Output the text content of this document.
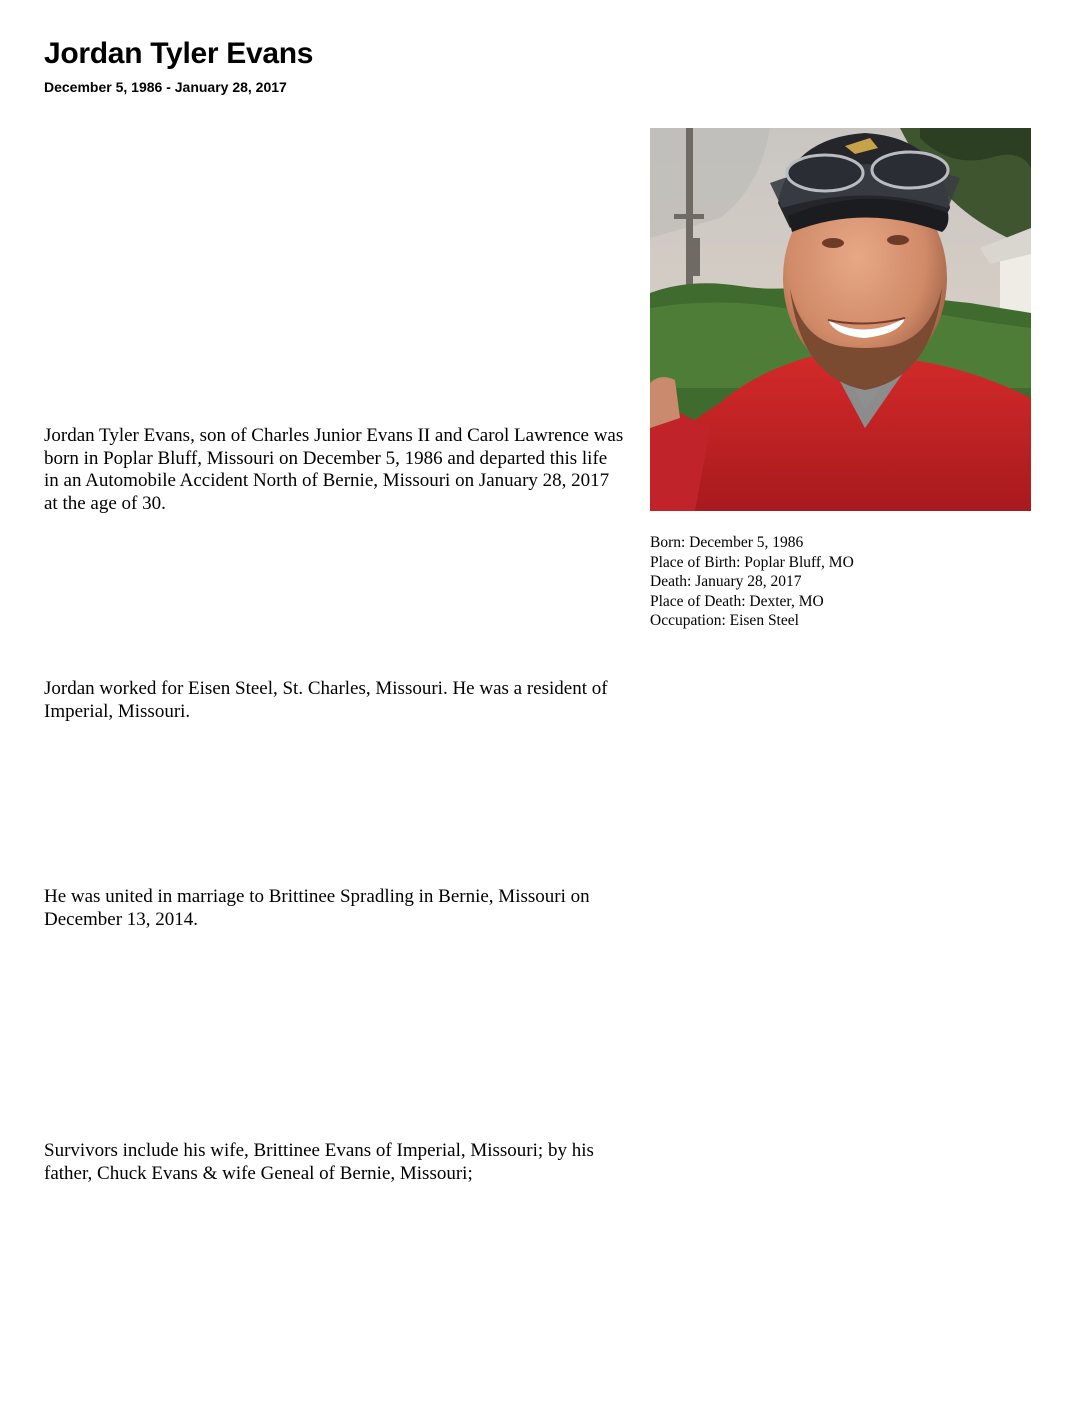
Jordan Tyler Evans

December 5, 1986 - January 28, 2017

Jordan Tyler Evans, son of Charles Junior Evans II and Carol Lawrence was born in Poplar Bluff, Missouri on December 5, 1986 and departed this life in an Automobile Accident North of Bernie, Missouri on January 28, 2017 at the age of 30.

Jordan worked for Eisen Steel, St. Charles, Missouri. He was a resident of Imperial, Missouri.

He was united in marriage to Brittinee Spradling in Bernie, Missouri on December 13, 2014.

Survivors include his wife, Brittinee Evans of Imperial, Missouri; by his father, Chuck Evans & wife Geneal of Bernie, Missouri;

Born: December 5, 1986
Place of Birth: Poplar Bluff, MO
Death: January 28, 2017
Place of Death: Dexter, MO
Occupation: Eisen Steel
